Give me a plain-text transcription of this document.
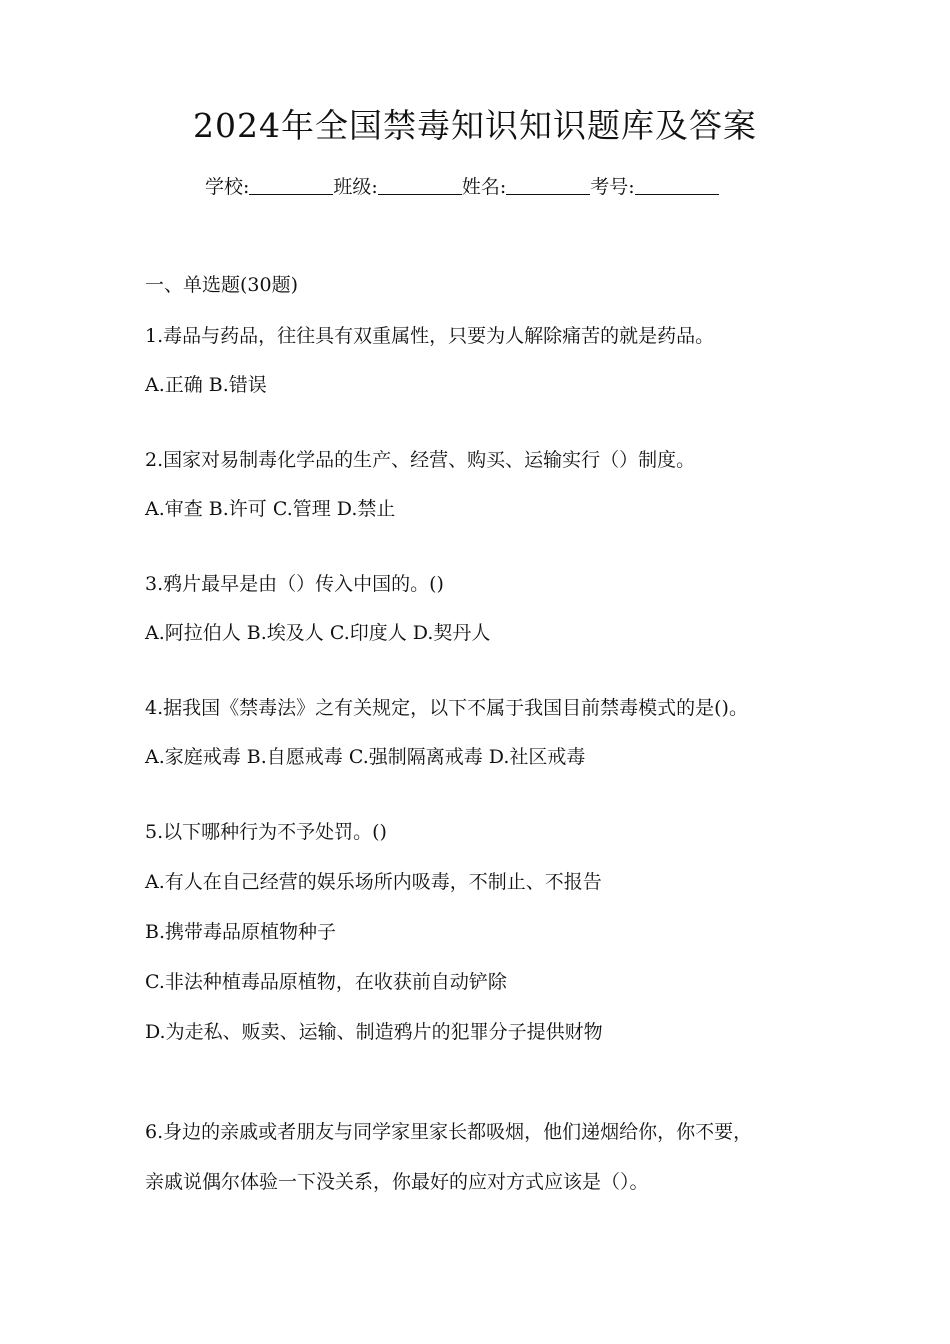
2024年全国禁毒知识知识题库及答案
学校:	班级:	姓名:	考号:
一、单选题(30题)
1.毒品与药品，往往具有双重属性，只要为人解除痛苦的就是药品。
A.正确 B.错误
2.国家对易制毒化学品的生产、经营、购买、运输实行（）制度。
A.审查 B.许可 C.管理 D.禁止
3.鸦片最早是由（）传入中国的。()
A.阿拉伯人 B.埃及人 C.印度人 D.契丹人
4.据我国《禁毒法》之有关规定，以下不属于我国目前禁毒模式的是()。
A.家庭戒毒 B.自愿戒毒 C.强制隔离戒毒 D.社区戒毒
5.以下哪种行为不予处罚。()
A.有人在自己经营的娱乐场所内吸毒，不制止、不报告
B.携带毒品原植物种子
C.非法种植毒品原植物，在收获前自动铲除
D.为走私、贩卖、运输、制造鸦片的犯罪分子提供财物
6.身边的亲戚或者朋友与同学家里家长都吸烟，他们递烟给你，你不要，
亲戚说偶尔体验一下没关系，你最好的应对方式应该是（）。
